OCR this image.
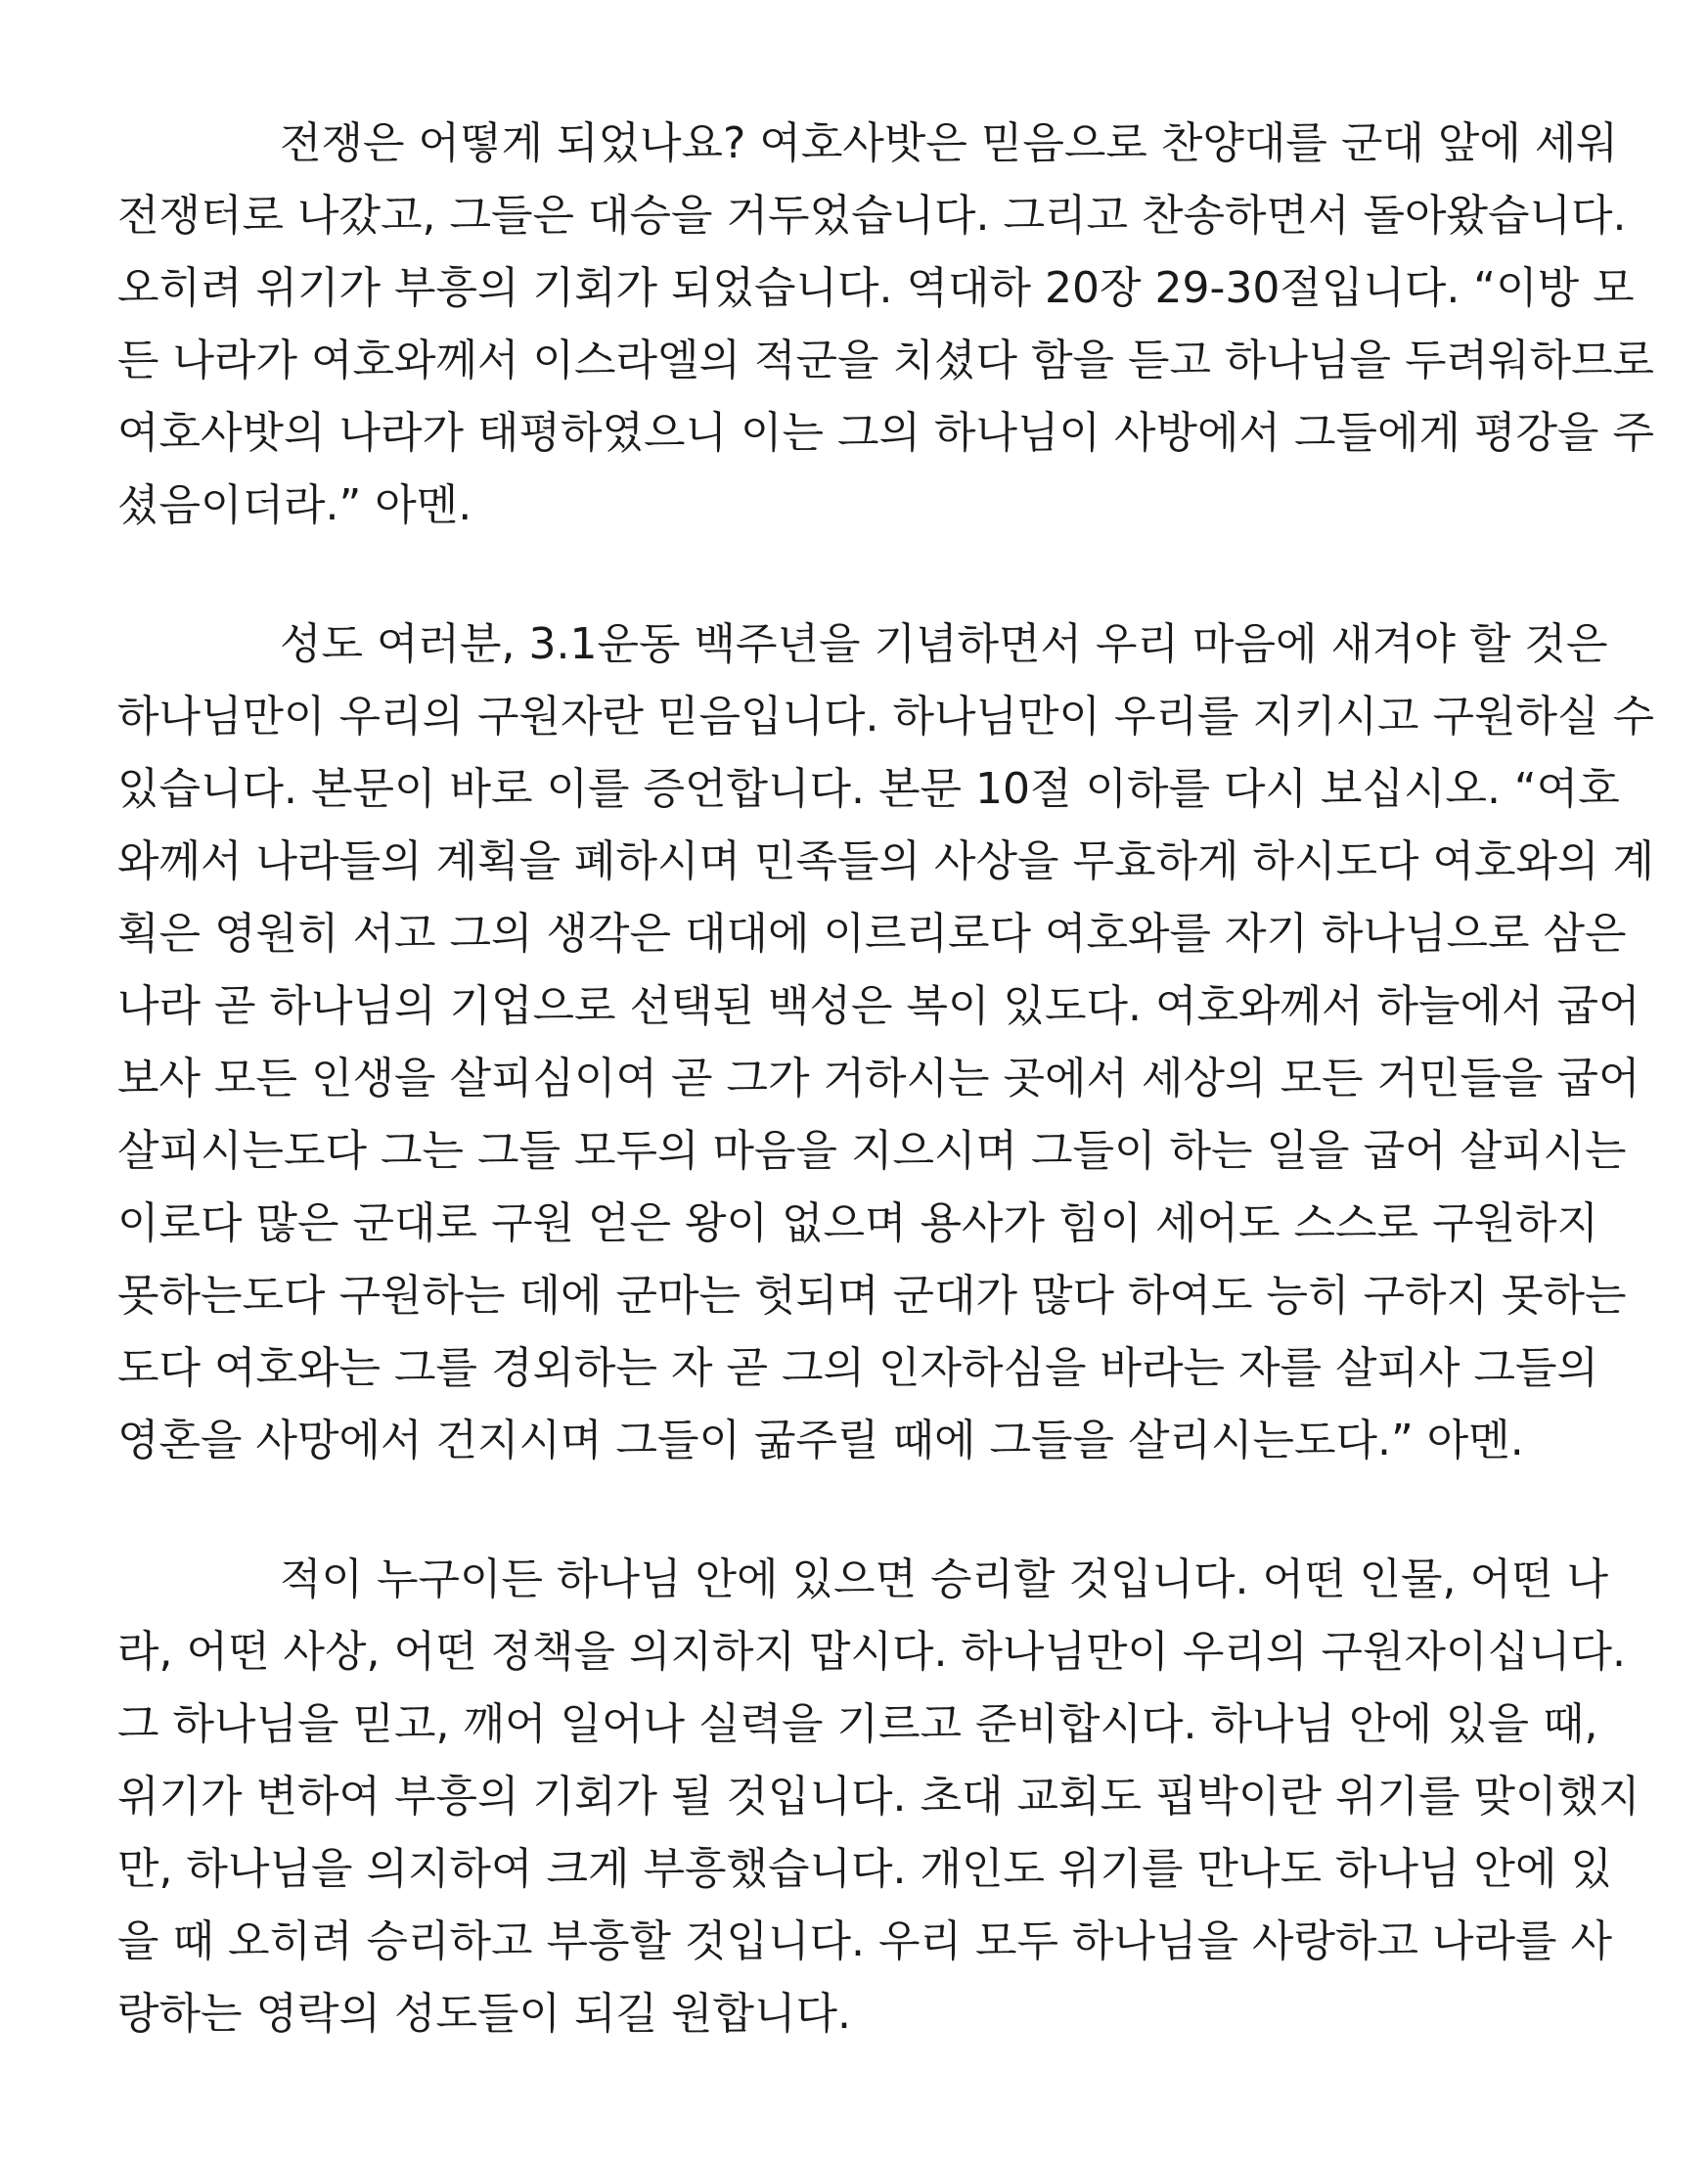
전쟁은 어떻게 되었나요? 여호사밧은 믿음으로 찬양대를 군대 앞에 세워
전쟁터로 나갔고, 그들은 대승을 거두었습니다. 그리고 찬송하면서 돌아왔습니다.
오히려 위기가 부흥의 기회가 되었습니다. 역대하 20장 29-30절입니다. “이방 모
든 나라가 여호와께서 이스라엘의 적군을 치셨다 함을 듣고 하나님을 두려워하므로
여호사밧의 나라가 태평하였으니 이는 그의 하나님이 사방에서 그들에게 평강을 주
셨음이더라.” 아멘.
성도 여러분, 3.1운동 백주년을 기념하면서 우리 마음에 새겨야 할 것은
하나님만이 우리의 구원자란 믿음입니다. 하나님만이 우리를 지키시고 구원하실 수
있습니다. 본문이 바로 이를 증언합니다. 본문 10절 이하를 다시 보십시오. “여호
와께서 나라들의 계획을 폐하시며 민족들의 사상을 무효하게 하시도다 여호와의 계
획은 영원히 서고 그의 생각은 대대에 이르리로다 여호와를 자기 하나님으로 삼은
나라 곧 하나님의 기업으로 선택된 백성은 복이 있도다. 여호와께서 하늘에서 굽어
보사 모든 인생을 살피심이여 곧 그가 거하시는 곳에서 세상의 모든 거민들을 굽어
살피시는도다 그는 그들 모두의 마음을 지으시며 그들이 하는 일을 굽어 살피시는
이로다 많은 군대로 구원 얻은 왕이 없으며 용사가 힘이 세어도 스스로 구원하지
못하는도다 구원하는 데에 군마는 헛되며 군대가 많다 하여도 능히 구하지 못하는
도다 여호와는 그를 경외하는 자 곧 그의 인자하심을 바라는 자를 살피사 그들의
영혼을 사망에서 건지시며 그들이 굶주릴 때에 그들을 살리시는도다.” 아멘.
적이 누구이든 하나님 안에 있으면 승리할 것입니다. 어떤 인물, 어떤 나
라, 어떤 사상, 어떤 정책을 의지하지 맙시다. 하나님만이 우리의 구원자이십니다.
그 하나님을 믿고, 깨어 일어나 실력을 기르고 준비합시다. 하나님 안에 있을 때,
위기가 변하여 부흥의 기회가 될 것입니다. 초대 교회도 핍박이란 위기를 맞이했지
만, 하나님을 의지하여 크게 부흥했습니다. 개인도 위기를 만나도 하나님 안에 있
을 때 오히려 승리하고 부흥할 것입니다. 우리 모두 하나님을 사랑하고 나라를 사
랑하는 영락의 성도들이 되길 원합니다.
